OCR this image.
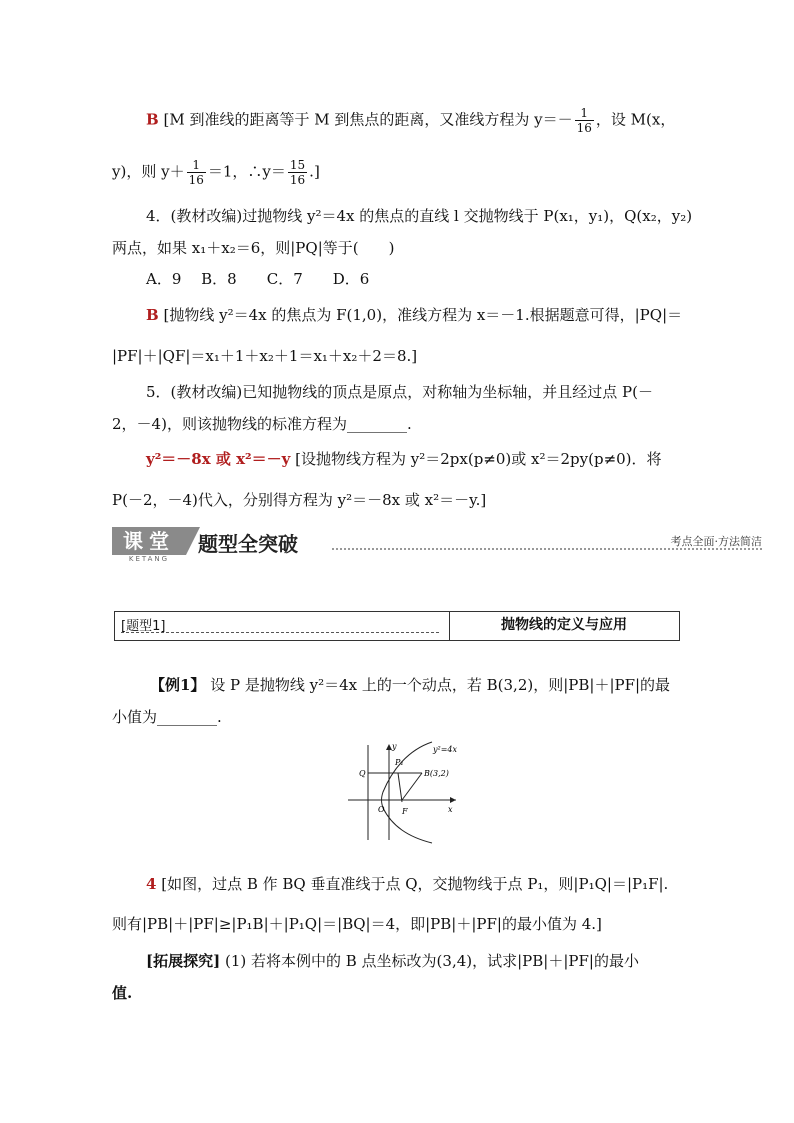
B [M 到准线的距离等于 M 到焦点的距离，又准线方程为 $y=- \frac{1}{16}$ ，设 M(x，
y)，则 $y+ \frac{1}{16} =1$，∴y＝ $\frac{15}{16}$ .]
4．(教材改编)过抛物线 y²＝4x 的焦点的直线 l 交抛物线于 P(x₁，y₁)，Q(x₂，y₂)
两点，如果 x₁＋x₂＝6，则|PQ|等于(　　)
A．9　 B．8　　C．7　　D．6
B [抛物线 y²＝4x 的焦点为 F(1,0)，准线方程为 x＝－1.根据题意可得，|PQ|＝
|PF|＋|QF|＝x₁＋1＋x₂＋1＝x₁＋x₂＋2＝8.]
5．(教材改编)已知抛物线的顶点是原点，对称轴为坐标轴，并且经过点 P(－
2，－4)，则该抛物线的标准方程为________.
y²＝－8x 或 x²＝－y [设抛物线方程为 y²＝2px(p≠0)或 x²＝2py(p≠0)．将
P(－2，－4)代入，分别得方程为 y²＝－8x 或 x²＝－y.]
课堂
KETANG
题型全突破	考点全面·方法简洁
[题型1]	抛物线的定义与应用
【例1】 设 P 是抛物线 y²＝4x 上的一个动点，若 B(3,2)，则|PB|＋|PF|的最
小值为________.
y
x
O F
Q
P₁
y²=4x
B(3,2)
4 [如图，过点 B 作 BQ 垂直准线于点 Q，交抛物线于点 P₁，则|P₁Q|＝|P₁F|.
则有|PB|＋|PF|≥|P₁B|＋|P₁Q|＝|BQ|＝4，即|PB|＋|PF|的最小值为 4.]
[拓展探究] (1) 若将本例中的 B 点坐标改为(3,4)，试求|PB|＋|PF|的最小
值.
